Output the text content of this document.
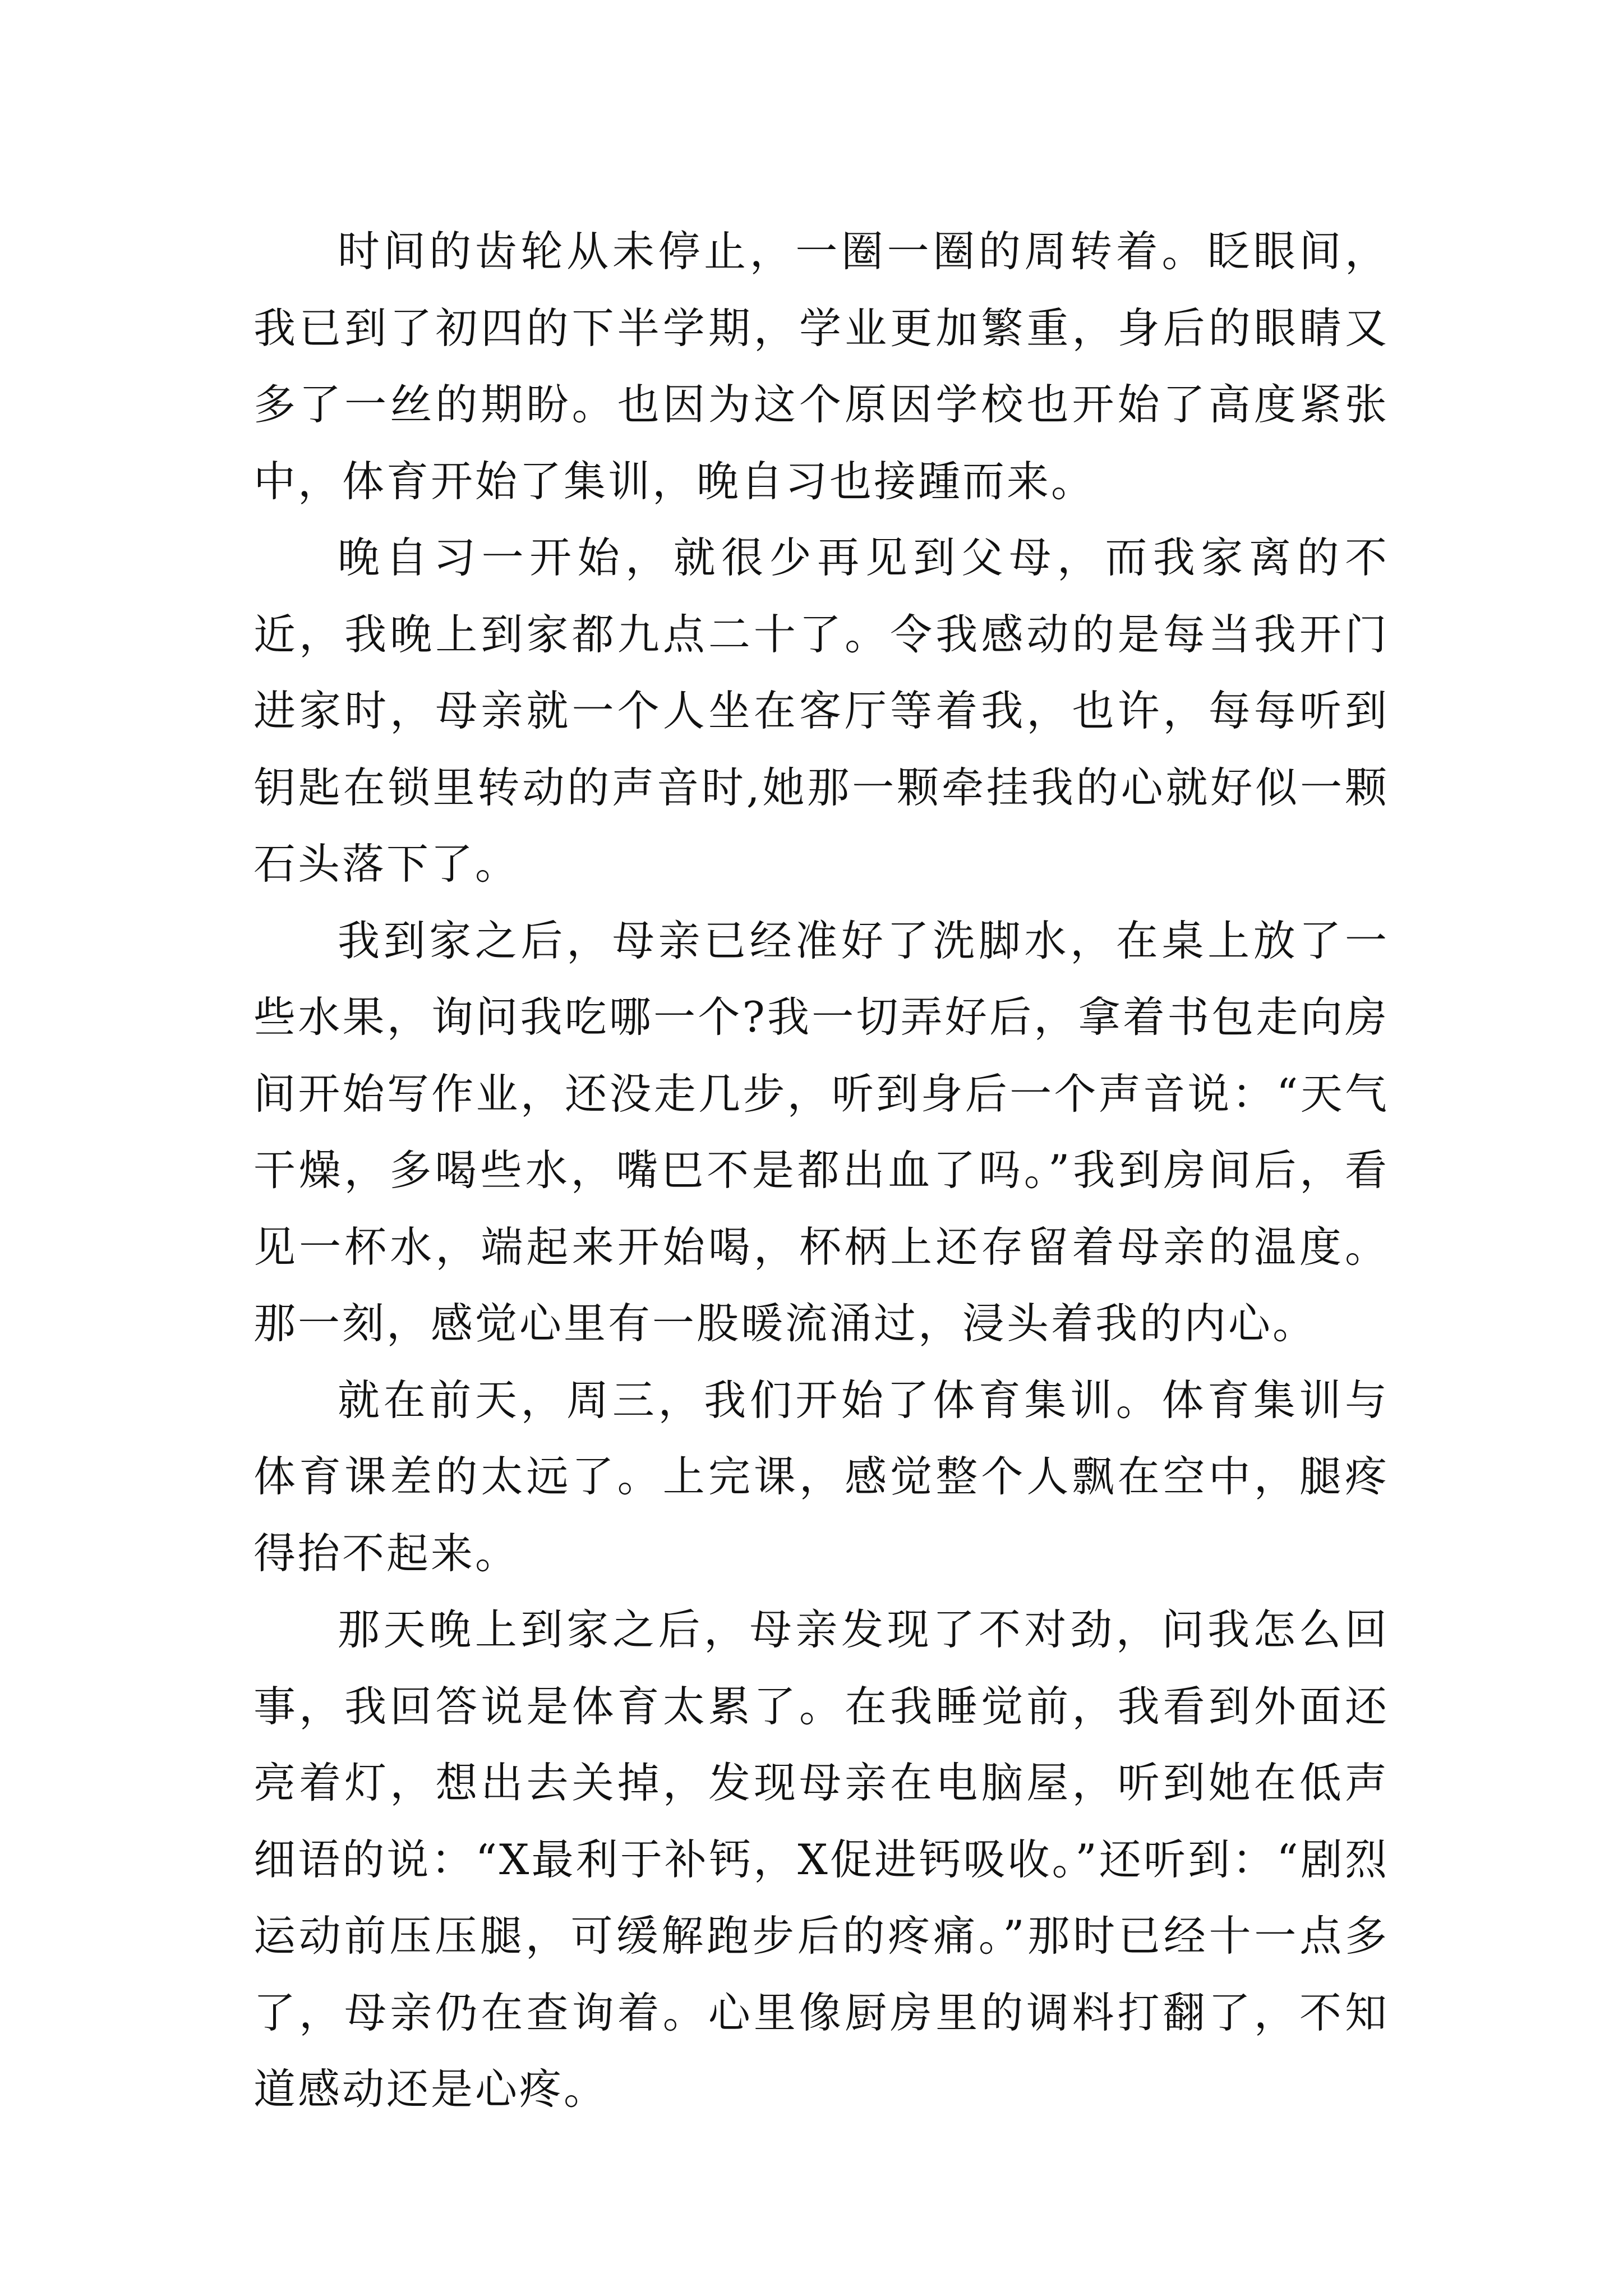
时间的齿轮从未停止，一圈一圈的周转着。眨眼间，我已到了初四的下半学期，学业更加繁重，身后的眼睛又多了一丝的期盼。也因为这个原因学校也开始了高度紧张中，体育开始了集训，晚自习也接踵而来。

晚自习一开始，就很少再见到父母，而我家离的不近，我晚上到家都九点二十了。令我感动的是每当我开门进家时，母亲就一个人坐在客厅等着我，也许，每每听到钥匙在锁里转动的声音时,她那一颗牵挂我的心就好似一颗石头落下了。

我到家之后，母亲已经准好了洗脚水，在桌上放了一些水果，询问我吃哪一个?我一切弄好后，拿着书包走向房间开始写作业，还没走几步，听到身后一个声音说：“天气干燥，多喝些水，嘴巴不是都出血了吗。”我到房间后，看见一杯水，端起来开始喝，杯柄上还存留着母亲的温度。那一刻，感觉心里有一股暖流涌过，浸头着我的内心。

就在前天，周三，我们开始了体育集训。体育集训与体育课差的太远了。上完课，感觉整个人飘在空中，腿疼得抬不起来。

那天晚上到家之后，母亲发现了不对劲，问我怎么回事，我回答说是体育太累了。在我睡觉前，我看到外面还亮着灯，想出去关掉，发现母亲在电脑屋，听到她在低声细语的说：“X最利于补钙，X促进钙吸收。”还听到：“剧烈运动前压压腿，可缓解跑步后的疼痛。”那时已经十一点多了，母亲仍在查询着。心里像厨房里的调料打翻了，不知道感动还是心疼。
